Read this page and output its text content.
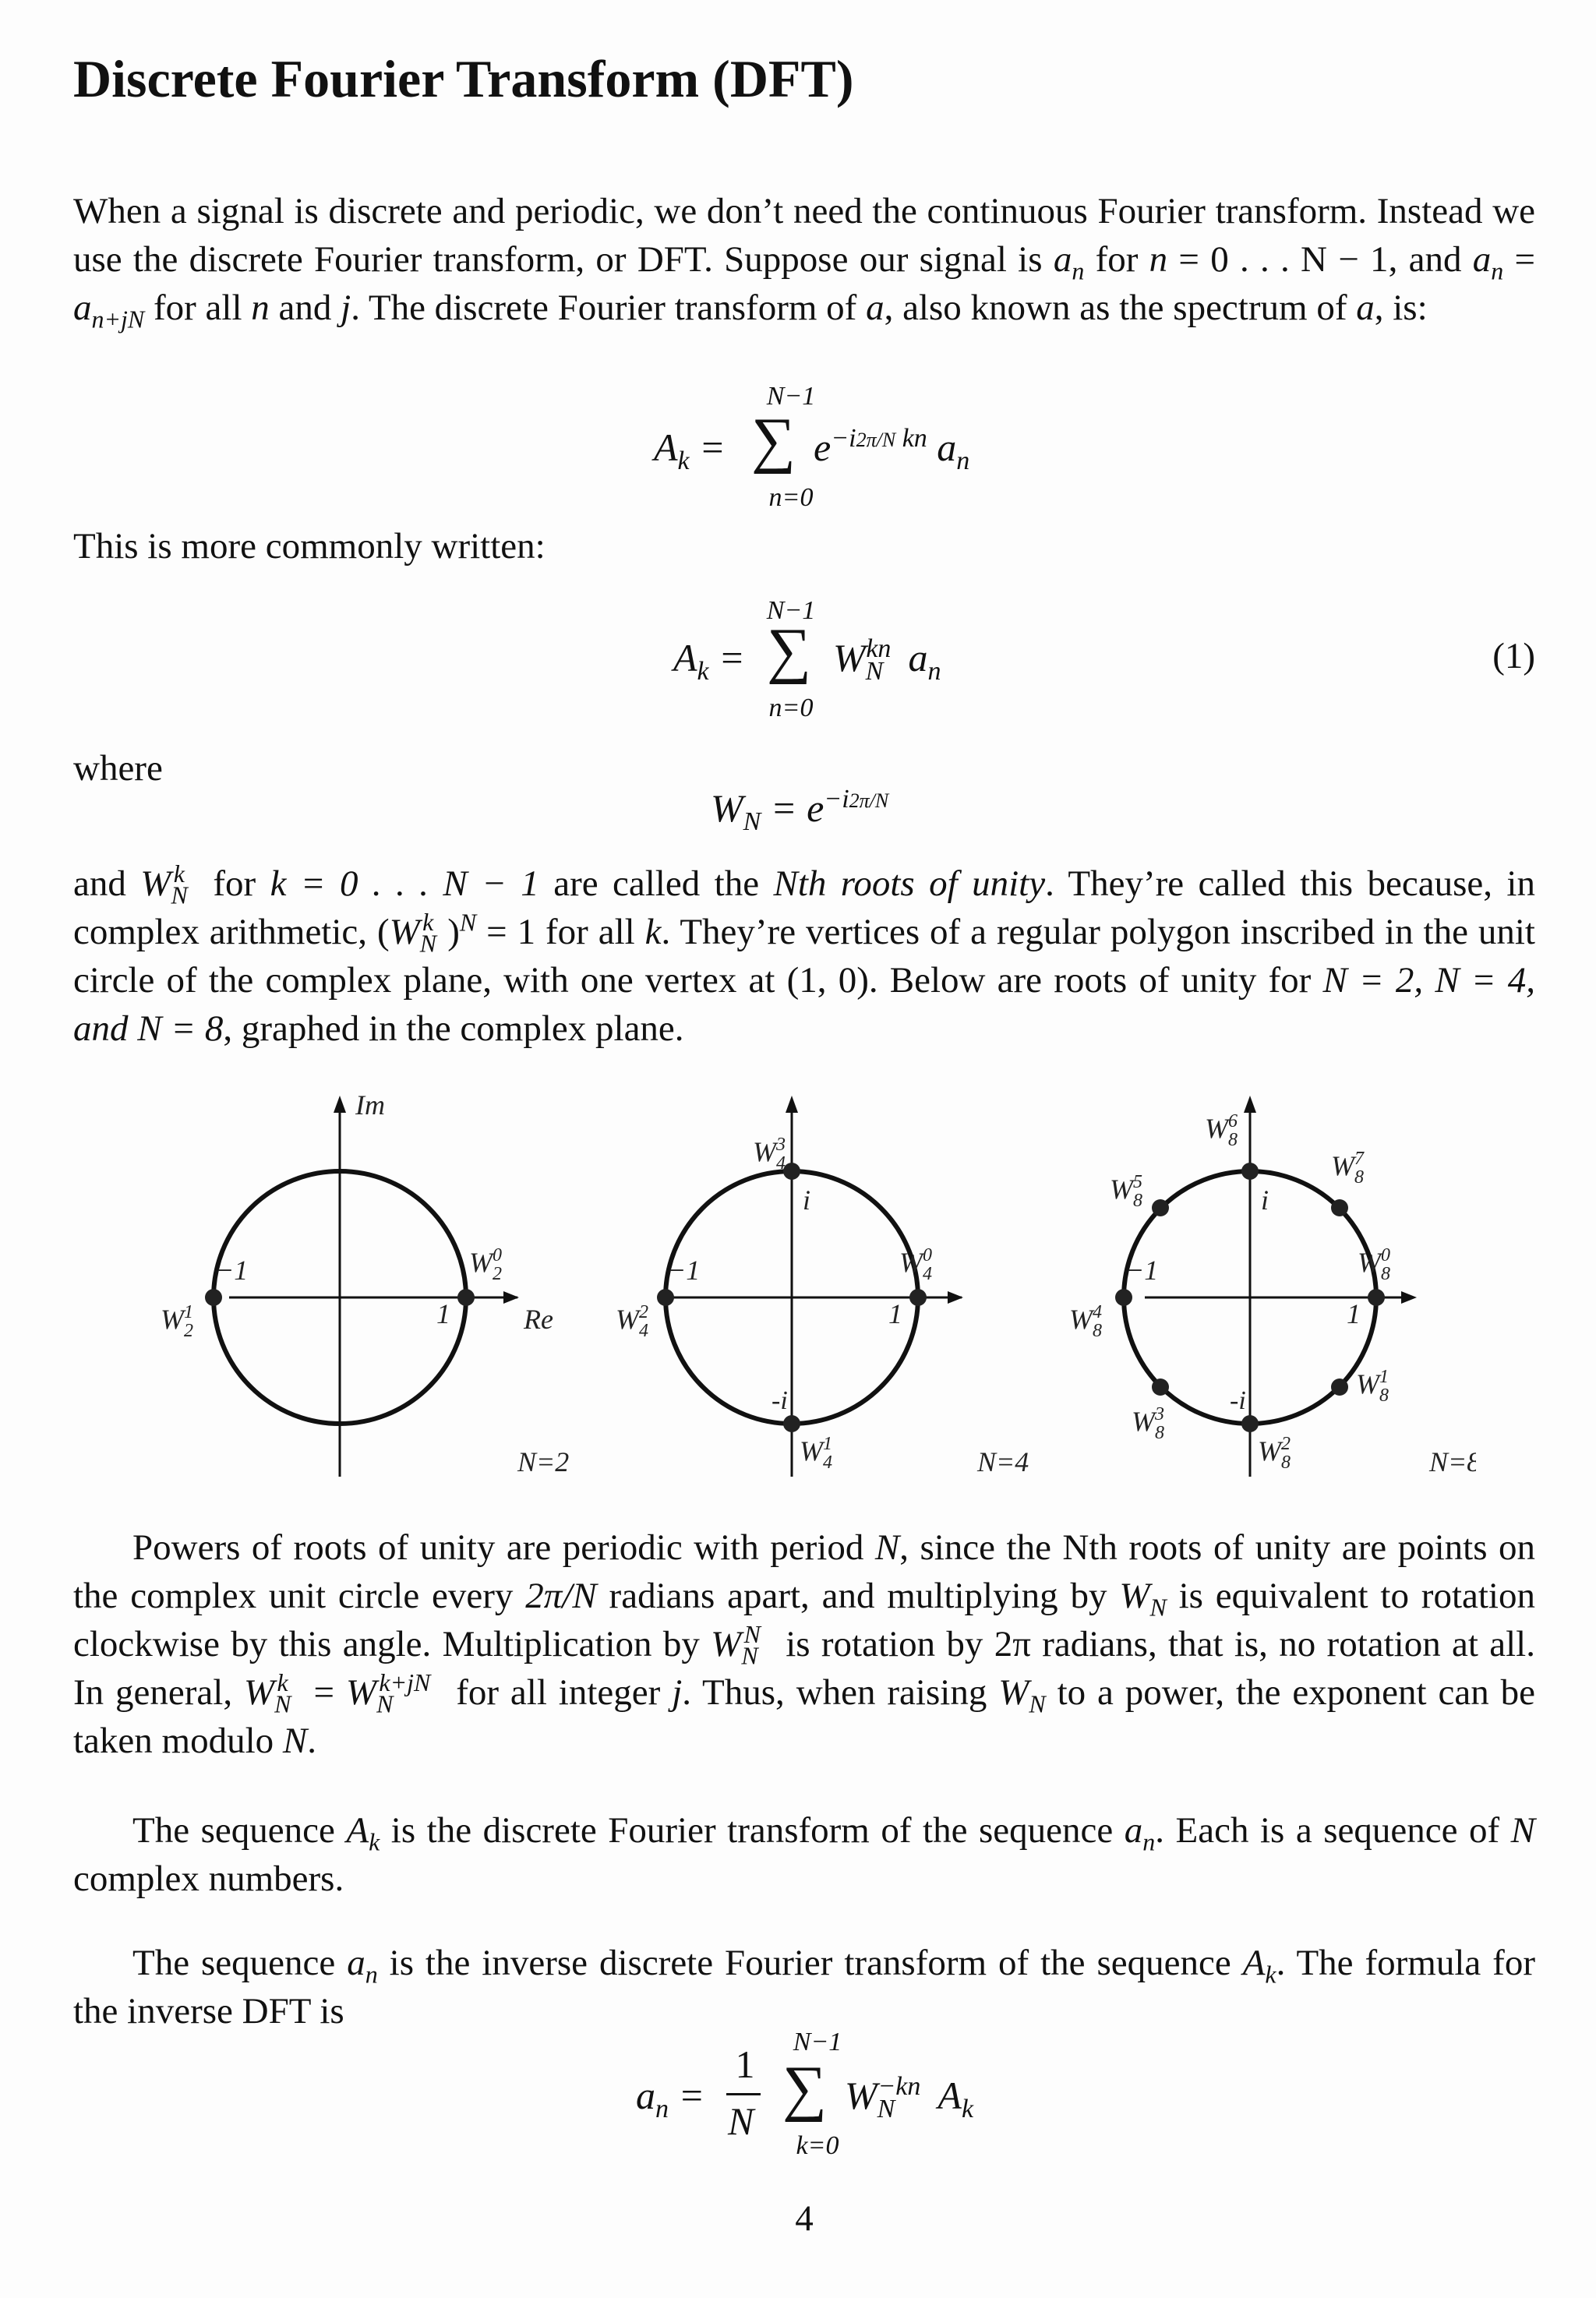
Discrete Fourier Transform (DFT)

When a signal is discrete and periodic, we don’t need the continuous Fourier transform. Instead we use the discrete Fourier transform, or DFT. Suppose our signal is $a_n$ for n = 0 . . . N − 1, and $a_n = a_{n+jN}$ for all n and j. The discrete Fourier transform of a, also known as the spectrum of a, is:

N−1
$A_k$ = ∑ $e^{-i2\pi/N kn}$ $a_n$
n=0

This is more commonly written:

N−1
$A_k$ = ∑ $W_N^{kn}$ $a_n$
n=0
(1)

where

$W_N = e^{-i2\pi/N}$

and $W_N^k$ for k = 0 . . . N − 1 are called the Nth roots of unity. They’re called this because, in complex arithmetic, ($W_N^k$ )$^N$ = 1 for all k. They’re vertices of a regular polygon inscribed in the unit circle of the complex plane, with one vertex at (1, 0). Below are roots of unity for N = 2, N = 4, and N = 8, graphed in the complex plane.

Im
Re
−1
1
$W_21$
$W_20$
N=2
−1
1
i
-i
$W_40$
$W_41$
$W_42$
$W_43$
N=4
−1
1
i
-i
$W_80$
$W_81$
$W_82$
$W_83$
$W_84$
$W_85$
$W_86$
$W_87$
N=8

Powers of roots of unity are periodic with period N, since the Nth roots of unity are points on the complex unit circle every 2π/N radians apart, and multiplying by $W_N$ is equivalent to rotation clockwise by this angle. Multiplication by $W_N^N$ is rotation by 2π radians, that is, no rotation at all. In general, $W_N^k = W_N^{k+jN}$ for all integer j. Thus, when raising $W_N$ to a power, the exponent can be taken modulo N.

The sequence $A_k$ is the discrete Fourier transform of the sequence $a_n$. Each is a sequence of N complex numbers.

The sequence $a_n$ is the inverse discrete Fourier transform of the sequence $A_k$. The formula for the inverse DFT is

$a_n$ =
1
N
N−1
∑ $W_N^{-kn}$ $A_k$
k=0
4
